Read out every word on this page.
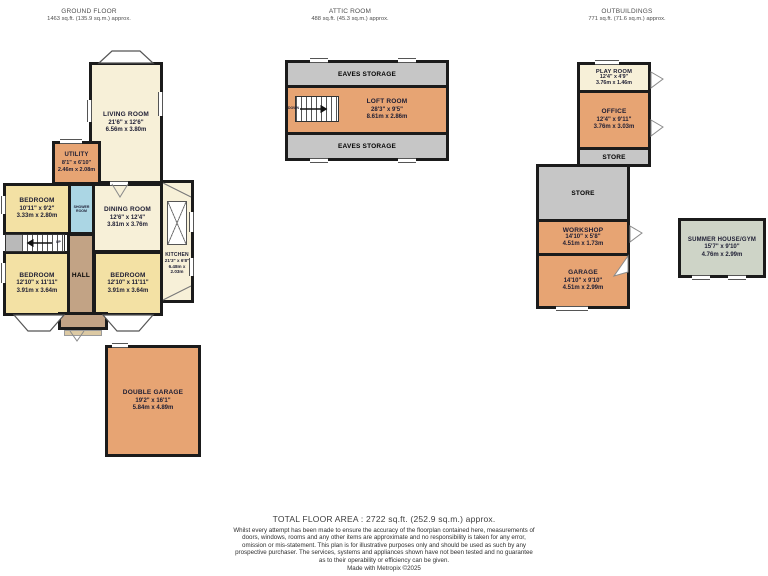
GROUND FLOOR
1463 sq.ft. (135.9 sq.m.) approx.
ATTIC ROOM
488 sq.ft. (45.3 sq.m.) approx.
OUTBUILDINGS
771 sq.ft. (71.6 sq.m.) approx.
LIVING ROOM
21'6" x 12'6"
6.56m x 3.80m
UTILITY
8'1" x 6'10"
2.46m x 2.08m
DINING ROOM
12'6" x 12'4"
3.81m x 3.76m
KITCHEN
21'3" x 6'8"
6.48m x 2.03m
BEDROOM
10'11" x 9'2"
3.33m x 2.80m
SHOWER ROOM
BEDROOM
12'10" x 11'11"
3.91m x 3.64m
BEDROOM
12'10" x 11'11"
3.91m x 3.64m
HALL
UP
DOUBLE GARAGE
19'2" x 16'1"
5.84m x 4.89m
EAVES STORAGE
LOFT ROOM
28'3" x 9'5"
8.61m x 2.86m
EAVES STORAGE
DOWN
PLAY ROOM
12'4" x 4'9"
3.76m x 1.46m
OFFICE
12'4" x 9'11"
3.76m x 3.03m
STORE
STORE
WORKSHOP
14'10" x 5'8"
4.51m x 1.73m
GARAGE
14'10" x 9'10"
4.51m x 2.99m
SUMMER HOUSE/GYM
15'7" x 9'10"
4.76m x 2.99m
TOTAL FLOOR AREA : 2722 sq.ft. (252.9 sq.m.) approx.
Whilst every attempt has been made to ensure the accuracy of the floorplan contained here, measurements of doors, windows, rooms and any other items are approximate and no responsibility is taken for any error, omission or mis-statement. This plan is for illustrative purposes only and should be used as such by any prospective purchaser. The services, systems and appliances shown have not been tested and no guarantee as to their operability or efficiency can be given.
Made with Metropix ©2025
